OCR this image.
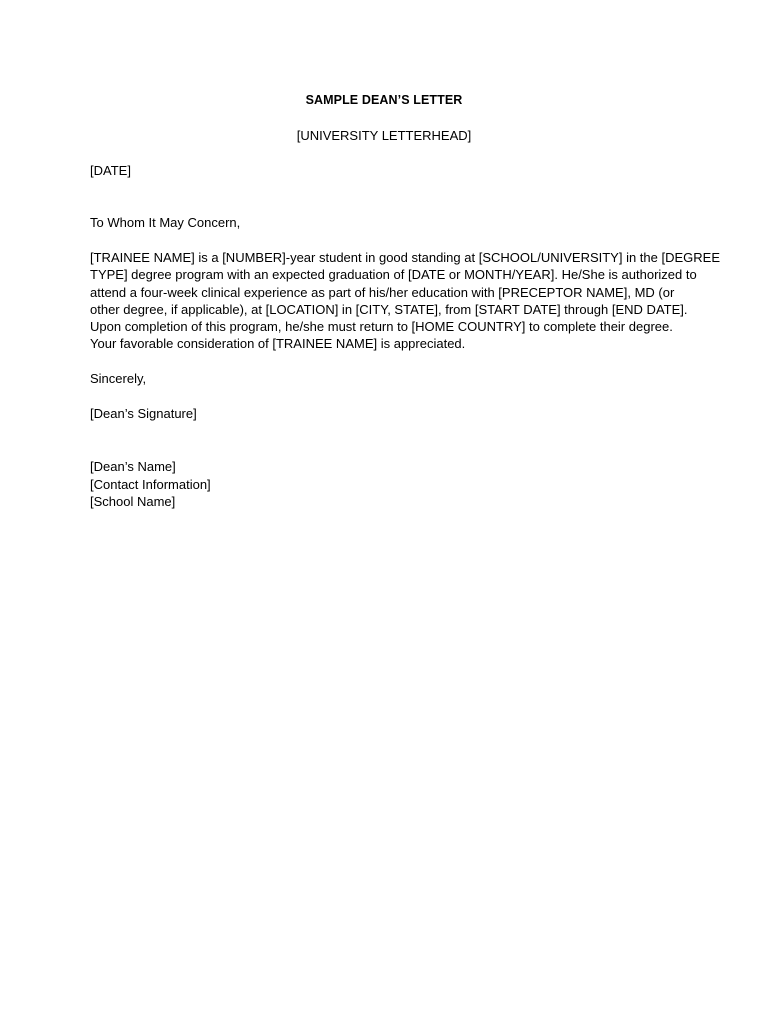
SAMPLE DEAN’S LETTER
[UNIVERSITY LETTERHEAD]
[DATE]
To Whom It May Concern,
[TRAINEE NAME] is a [NUMBER]-year student in good standing at [SCHOOL/UNIVERSITY] in the [DEGREE
TYPE] degree program with an expected graduation of [DATE or MONTH/YEAR]. He/She is authorized to
attend a four-week clinical experience as part of his/her education with [PRECEPTOR NAME], MD (or
other degree, if applicable), at [LOCATION] in [CITY, STATE], from [START DATE] through [END DATE].
Upon completion of this program, he/she must return to [HOME COUNTRY] to complete their degree.
Your favorable consideration of [TRAINEE NAME] is appreciated.
Sincerely,
[Dean’s Signature]
[Dean’s Name]
[Contact Information]
[School Name]
